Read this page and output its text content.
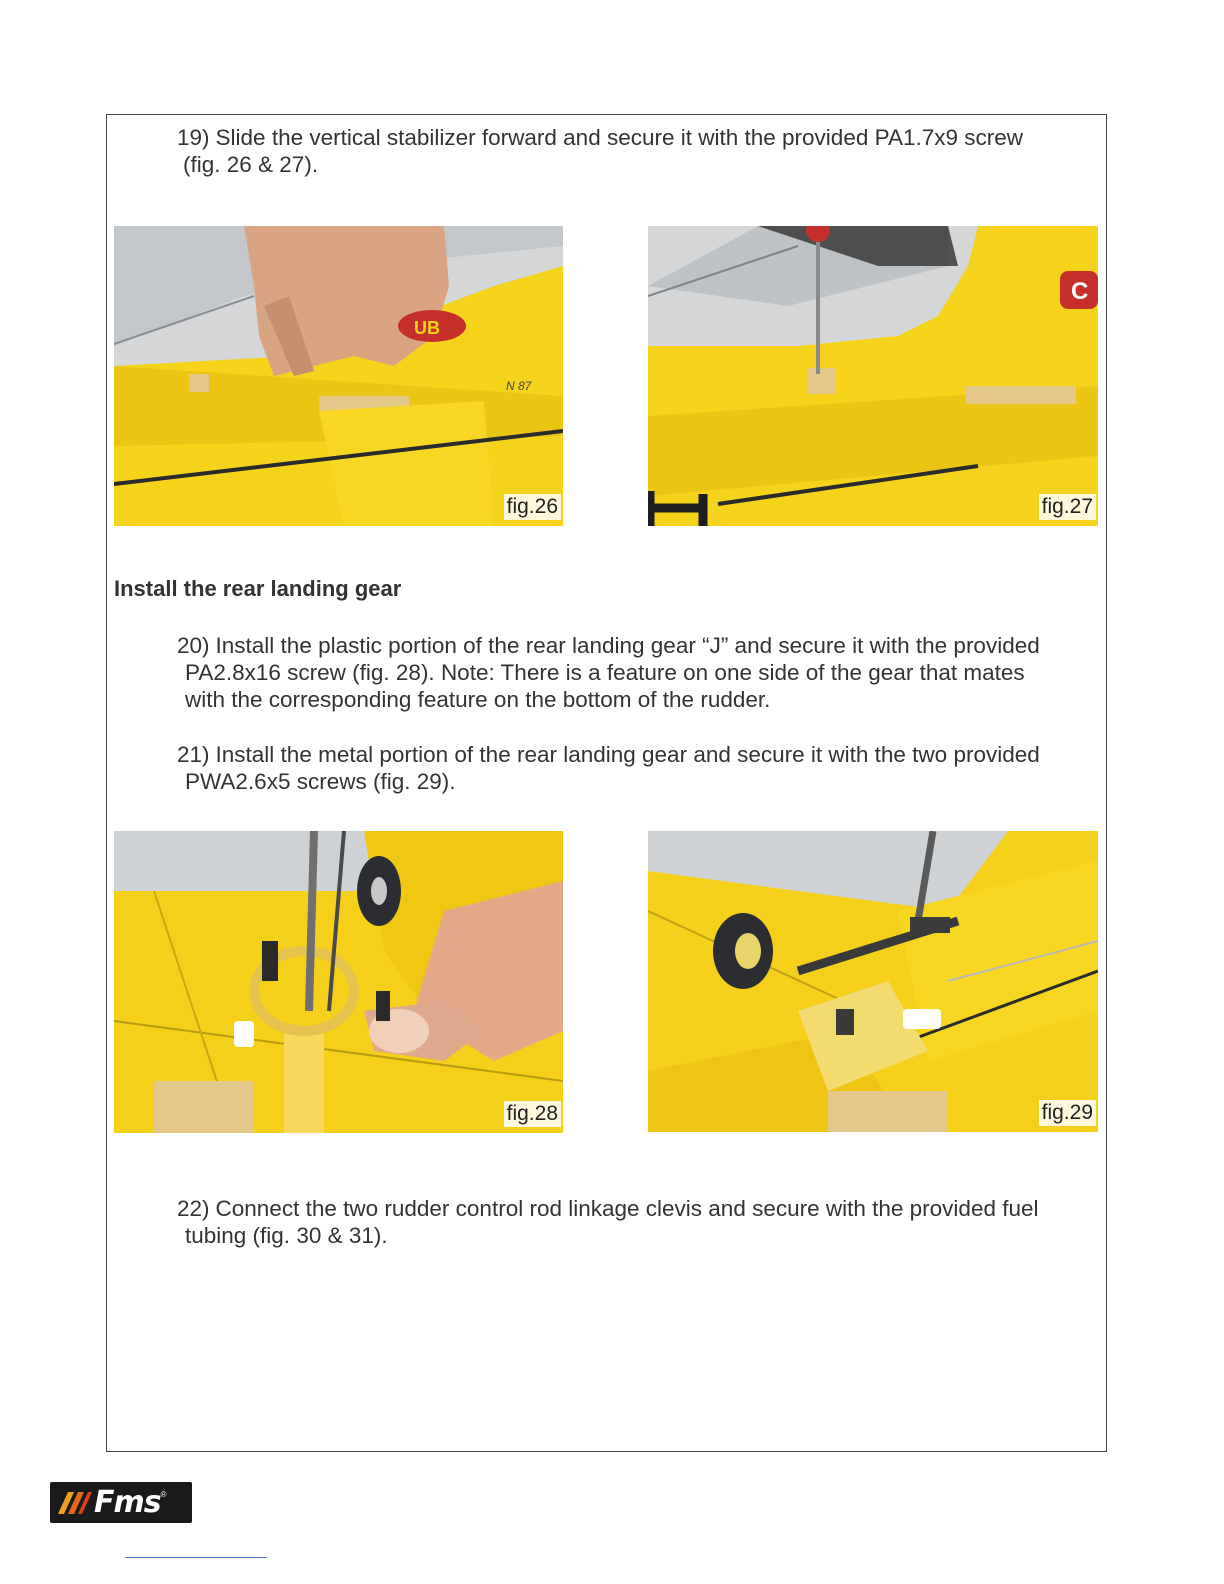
19) Slide the vertical stabilizer forward and secure it with the provided PA1.7x9 screw
(fig. 26 & 27).
UB
N 87
fig.26
C
fig.27
Install the rear landing gear
20) Install the plastic portion of the rear landing gear “J” and secure it with the provided
PA2.8x16 screw (fig. 28). Note: There is a feature on one side of the gear that mates
with the corresponding feature on the bottom of the rudder.
21) Install the metal portion of the rear landing gear and secure it with the two provided
PWA2.6x5 screws (fig. 29).
fig.28	fig.29
22) Connect the two rudder control rod linkage clevis and secure with the provided fuel
tubing (fig. 30 & 31).
Fms ®
